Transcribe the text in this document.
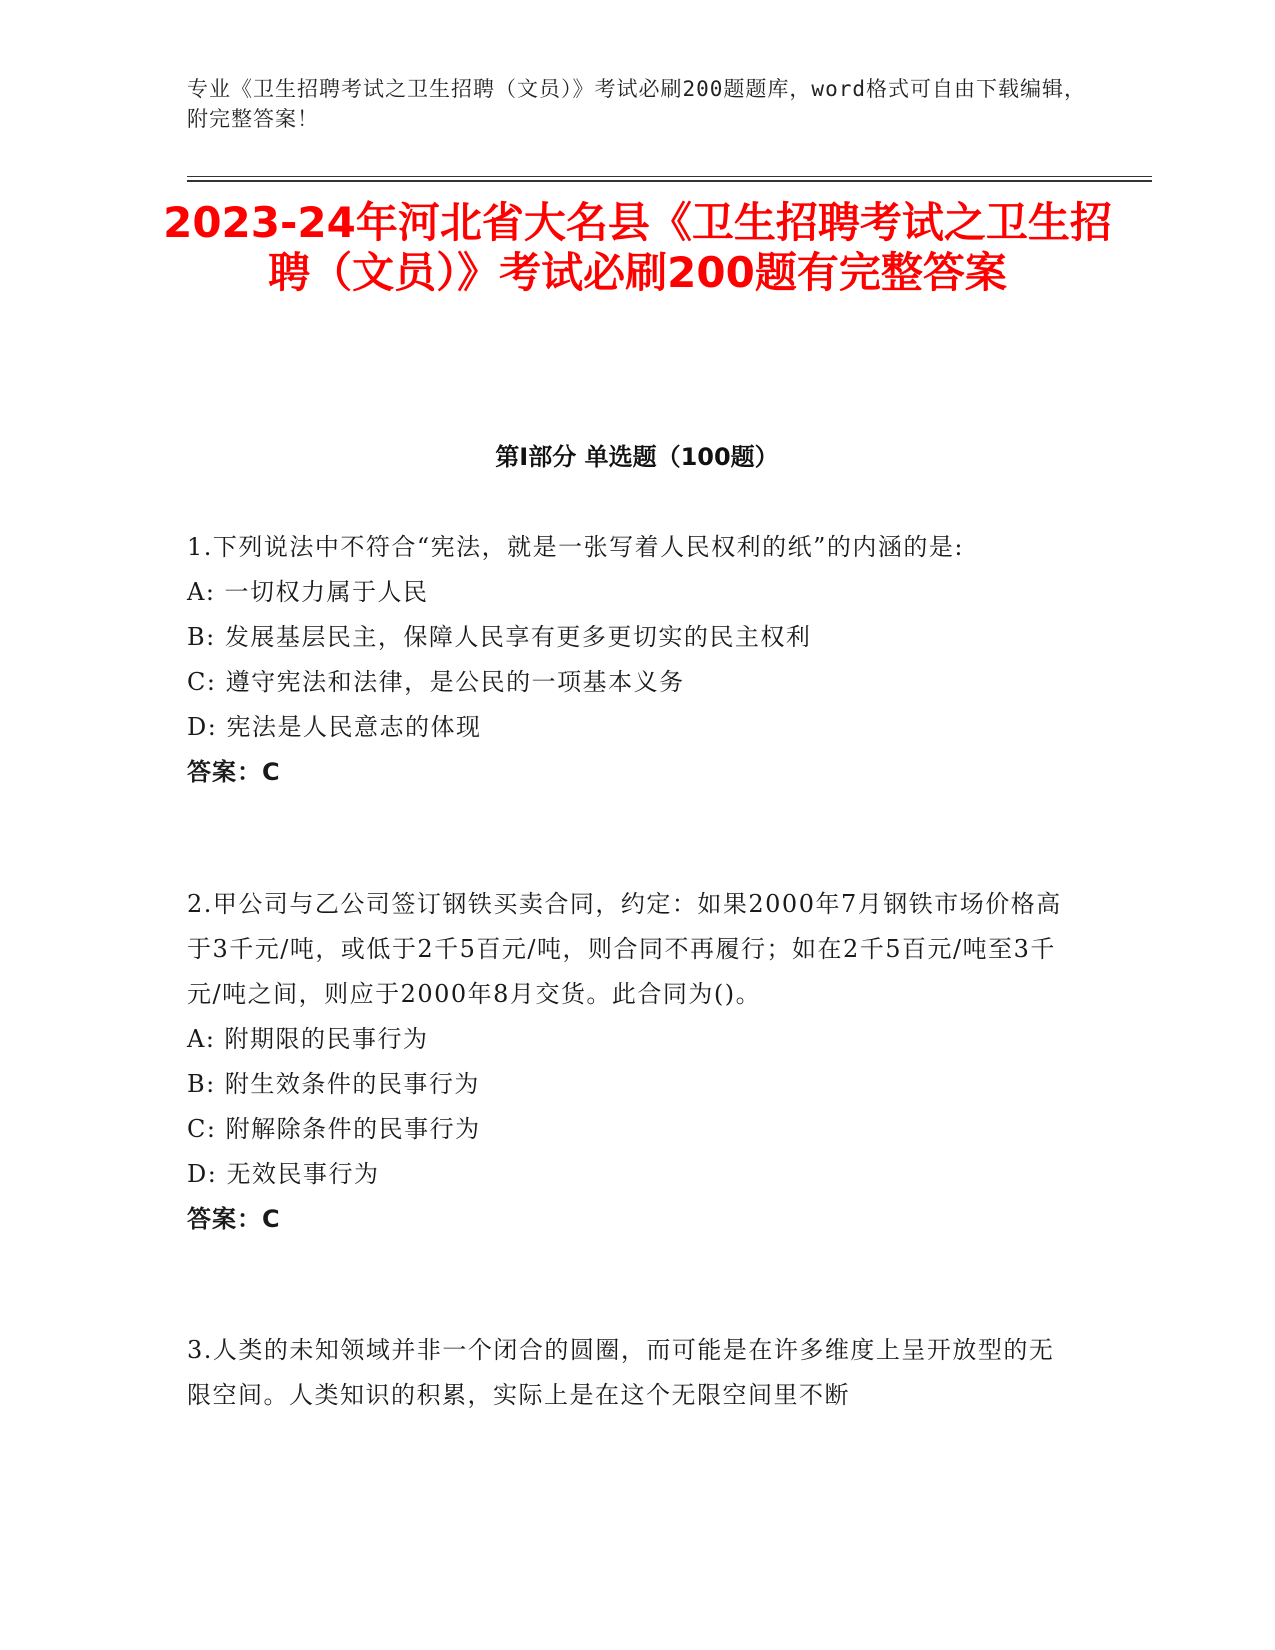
专业《卫生招聘考试之卫生招聘（文员）》考试必刷200题题库，word格式可自由下载编辑，附完整答案！
2023-24年河北省大名县《卫生招聘考试之卫生招聘（文员）》考试必刷200题有完整答案
第Ⅰ部分 单选题（100题）

1.下列说法中不符合“宪法，就是一张写着人民权利的纸”的内涵的是:

A: 一切权力属于人民

B: 发展基层民主，保障人民享有更多更切实的民主权利

C: 遵守宪法和法律，是公民的一项基本义务

D: 宪法是人民意志的体现

答案：C

2.甲公司与乙公司签订钢铁买卖合同，约定：如果2000年7月钢铁市场价格高于3千元/吨，或低于2千5百元/吨，则合同不再履行；如在2千5百元/吨至3千元/吨之间，则应于2000年8月交货。此合同为()。

A: 附期限的民事行为

B: 附生效条件的民事行为

C: 附解除条件的民事行为

D: 无效民事行为

答案：C

3.人类的未知领域并非一个闭合的圆圈，而可能是在许多维度上呈开放型的无限空间。人类知识的积累，实际上是在这个无限空间里不断
